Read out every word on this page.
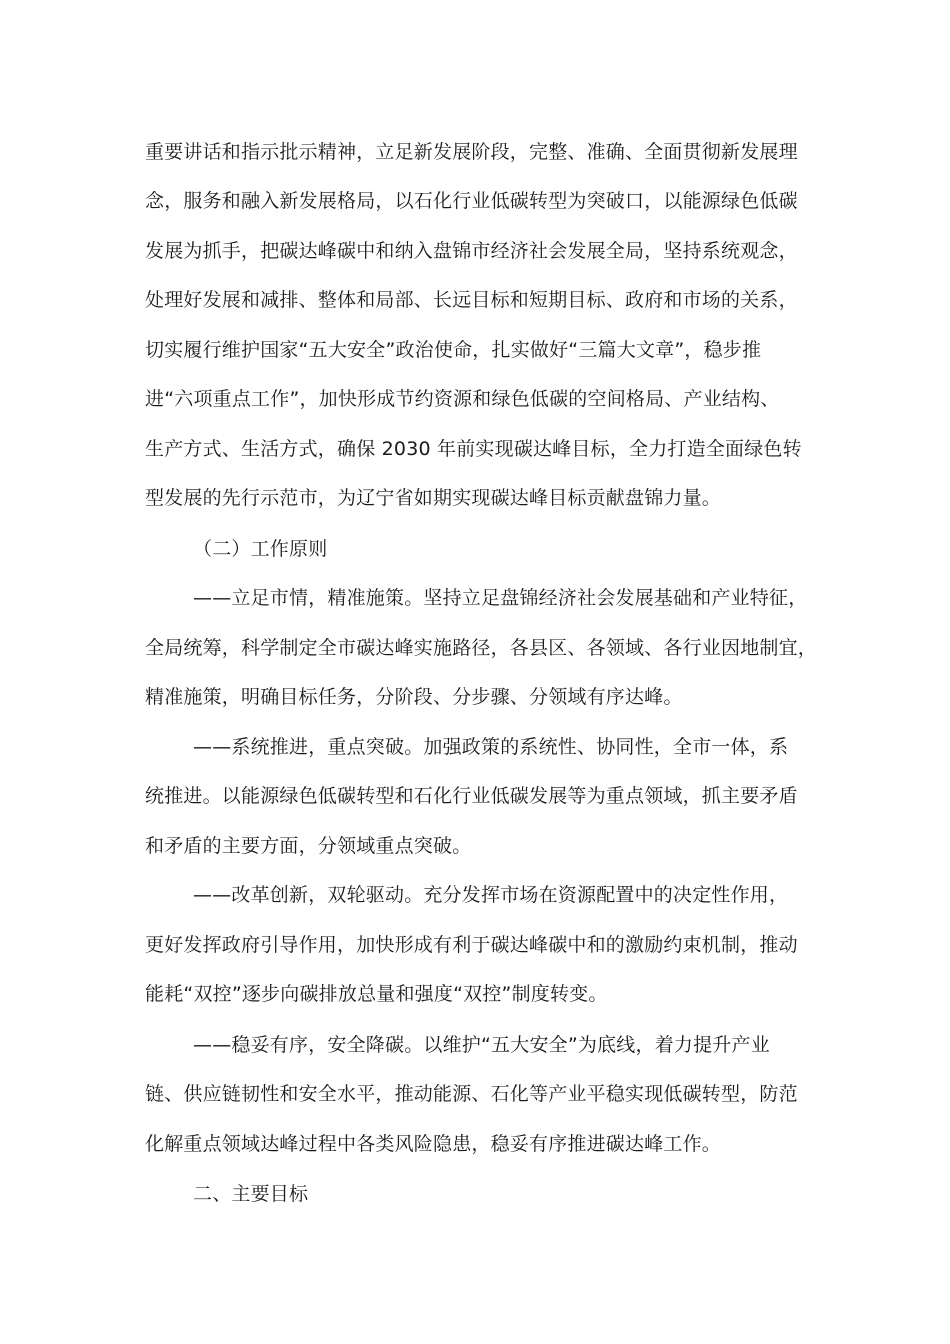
重要讲话和指示批示精神，立足新发展阶段，完整、准确、全面贯彻新发展理
念，服务和融入新发展格局，以石化行业低碳转型为突破口，以能源绿色低碳
发展为抓手，把碳达峰碳中和纳入盘锦市经济社会发展全局，坚持系统观念，
处理好发展和减排、整体和局部、长远目标和短期目标、政府和市场的关系，
切实履行维护国家“五大安全”政治使命，扎实做好“三篇大文章”，稳步推
进“六项重点工作”，加快形成节约资源和绿色低碳的空间格局、产业结构、
生产方式、生活方式，确保 2030 年前实现碳达峰目标，全力打造全面绿色转
型发展的先行示范市，为辽宁省如期实现碳达峰目标贡献盘锦力量。
（二）工作原则
——立足市情，精准施策。坚持立足盘锦经济社会发展基础和产业特征，
全局统筹，科学制定全市碳达峰实施路径，各县区、各领域、各行业因地制宜，
精准施策，明确目标任务，分阶段、分步骤、分领域有序达峰。
——系统推进，重点突破。加强政策的系统性、协同性，全市一体，系
统推进。以能源绿色低碳转型和石化行业低碳发展等为重点领域，抓主要矛盾
和矛盾的主要方面，分领域重点突破。
——改革创新，双轮驱动。充分发挥市场在资源配置中的决定性作用，
更好发挥政府引导作用，加快形成有利于碳达峰碳中和的激励约束机制，推动
能耗“双控”逐步向碳排放总量和强度“双控”制度转变。
——稳妥有序，安全降碳。以维护“五大安全”为底线，着力提升产业
链、供应链韧性和安全水平，推动能源、石化等产业平稳实现低碳转型，防范
化解重点领域达峰过程中各类风险隐患，稳妥有序推进碳达峰工作。
二、主要目标
